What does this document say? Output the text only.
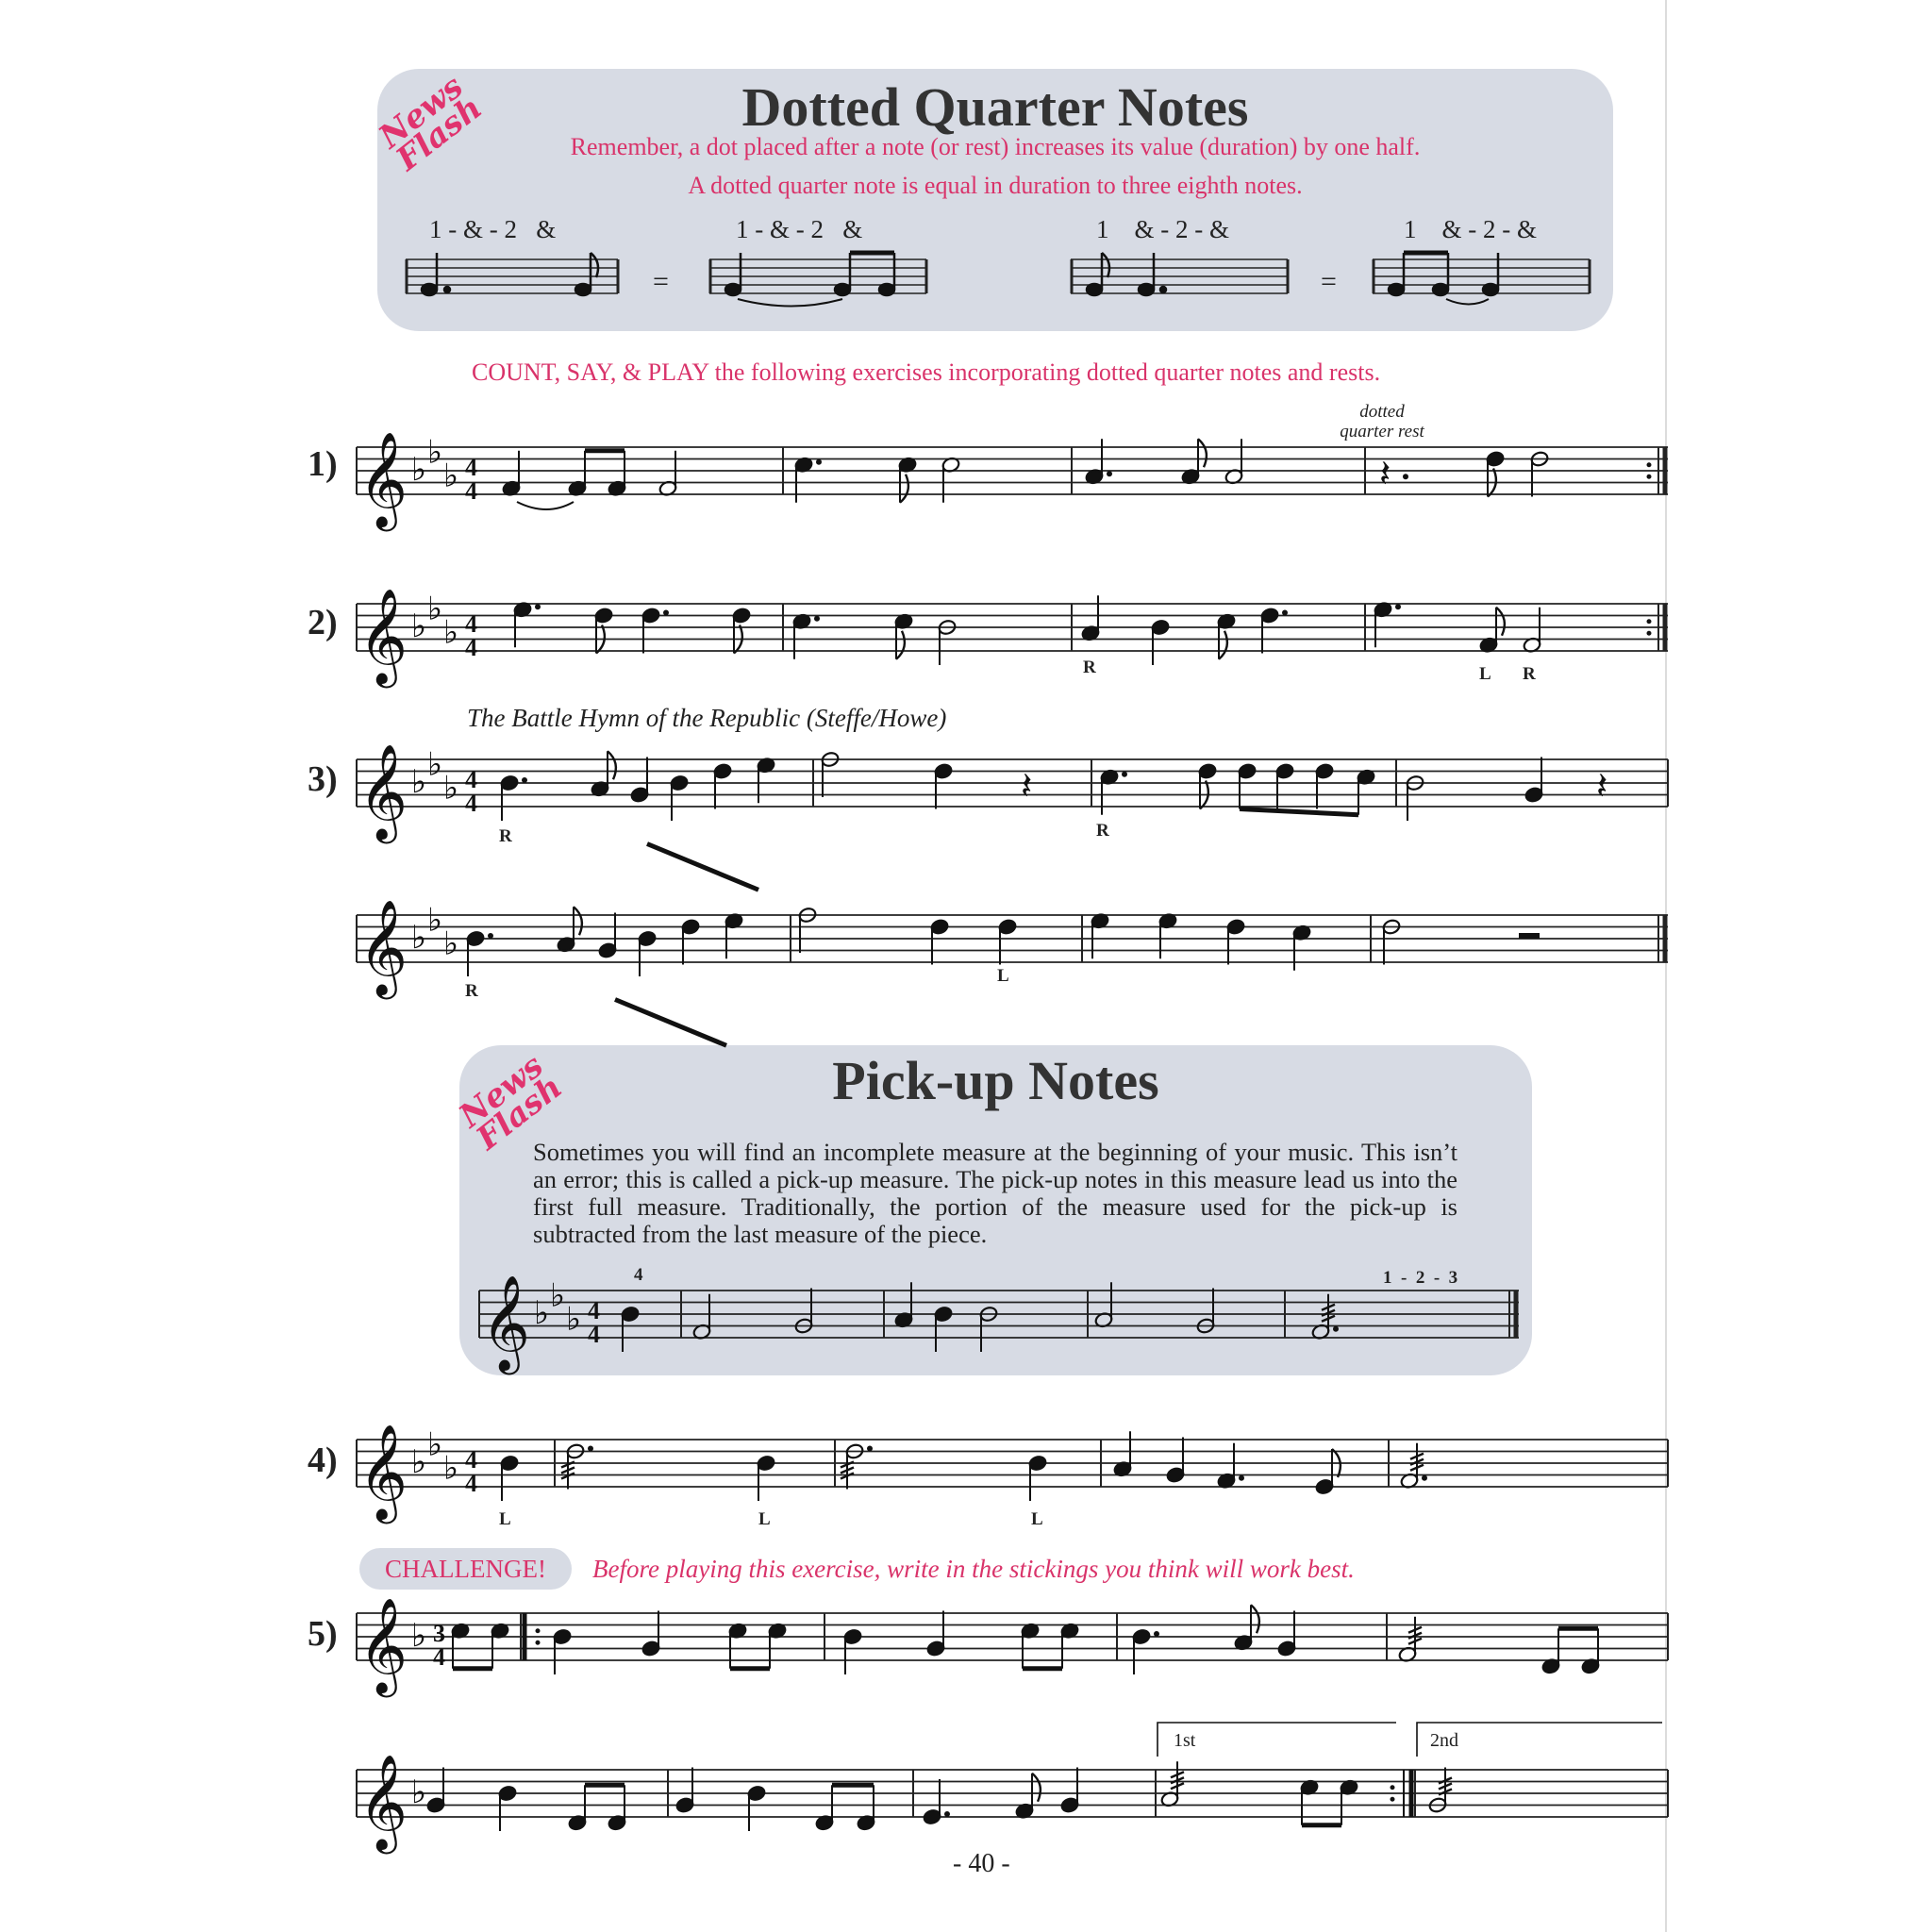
News
Flash	Dotted Quarter Notes
Remember, a dot placed after a note (or rest) increases its value (duration) by one half.
A dotted quarter note is equal in duration to three eighth notes.
1 - & - 2   &	1 - & - 2   &	1    & - 2 - &	1    & - 2 - &
=	=
COUNT, SAY, & PLAY the following exercises incorporating dotted quarter notes and rests.
1)
dotted
quarter rest
2)
R	L R
The Battle Hymn of the Republic (Steffe/Howe)
3)
R	R
R
L
News
Flash	Pick-up Notes
Sometimes you will find an incomplete measure at the beginning of your music. This isn’t an error; this is called a pick-up measure. The pick-up notes in this measure lead us into the first full measure. Traditionally, the portion of the measure used for the pick-up is subtracted from the last measure of the piece.
4	1  -  2  -  3
4)
L	L	L
CHALLENGE!	Before playing this exercise, write in the stickings you think will work best.
5)
1st	2nd
- 40 -
𝄞 ♭ ♭
♭ 4
4	𝄽
𝄞 ♭ ♭
♭ 4
4
𝄞 ♭ ♭
♭ 4
4	𝄽	𝄽
𝄞 ♭ ♭
♭
𝄞 ♭ ♭
♭ 4
4
𝄞 ♭ ♭
♭ 4
4
𝄞 ♭ 3
4
𝄞 ♭
